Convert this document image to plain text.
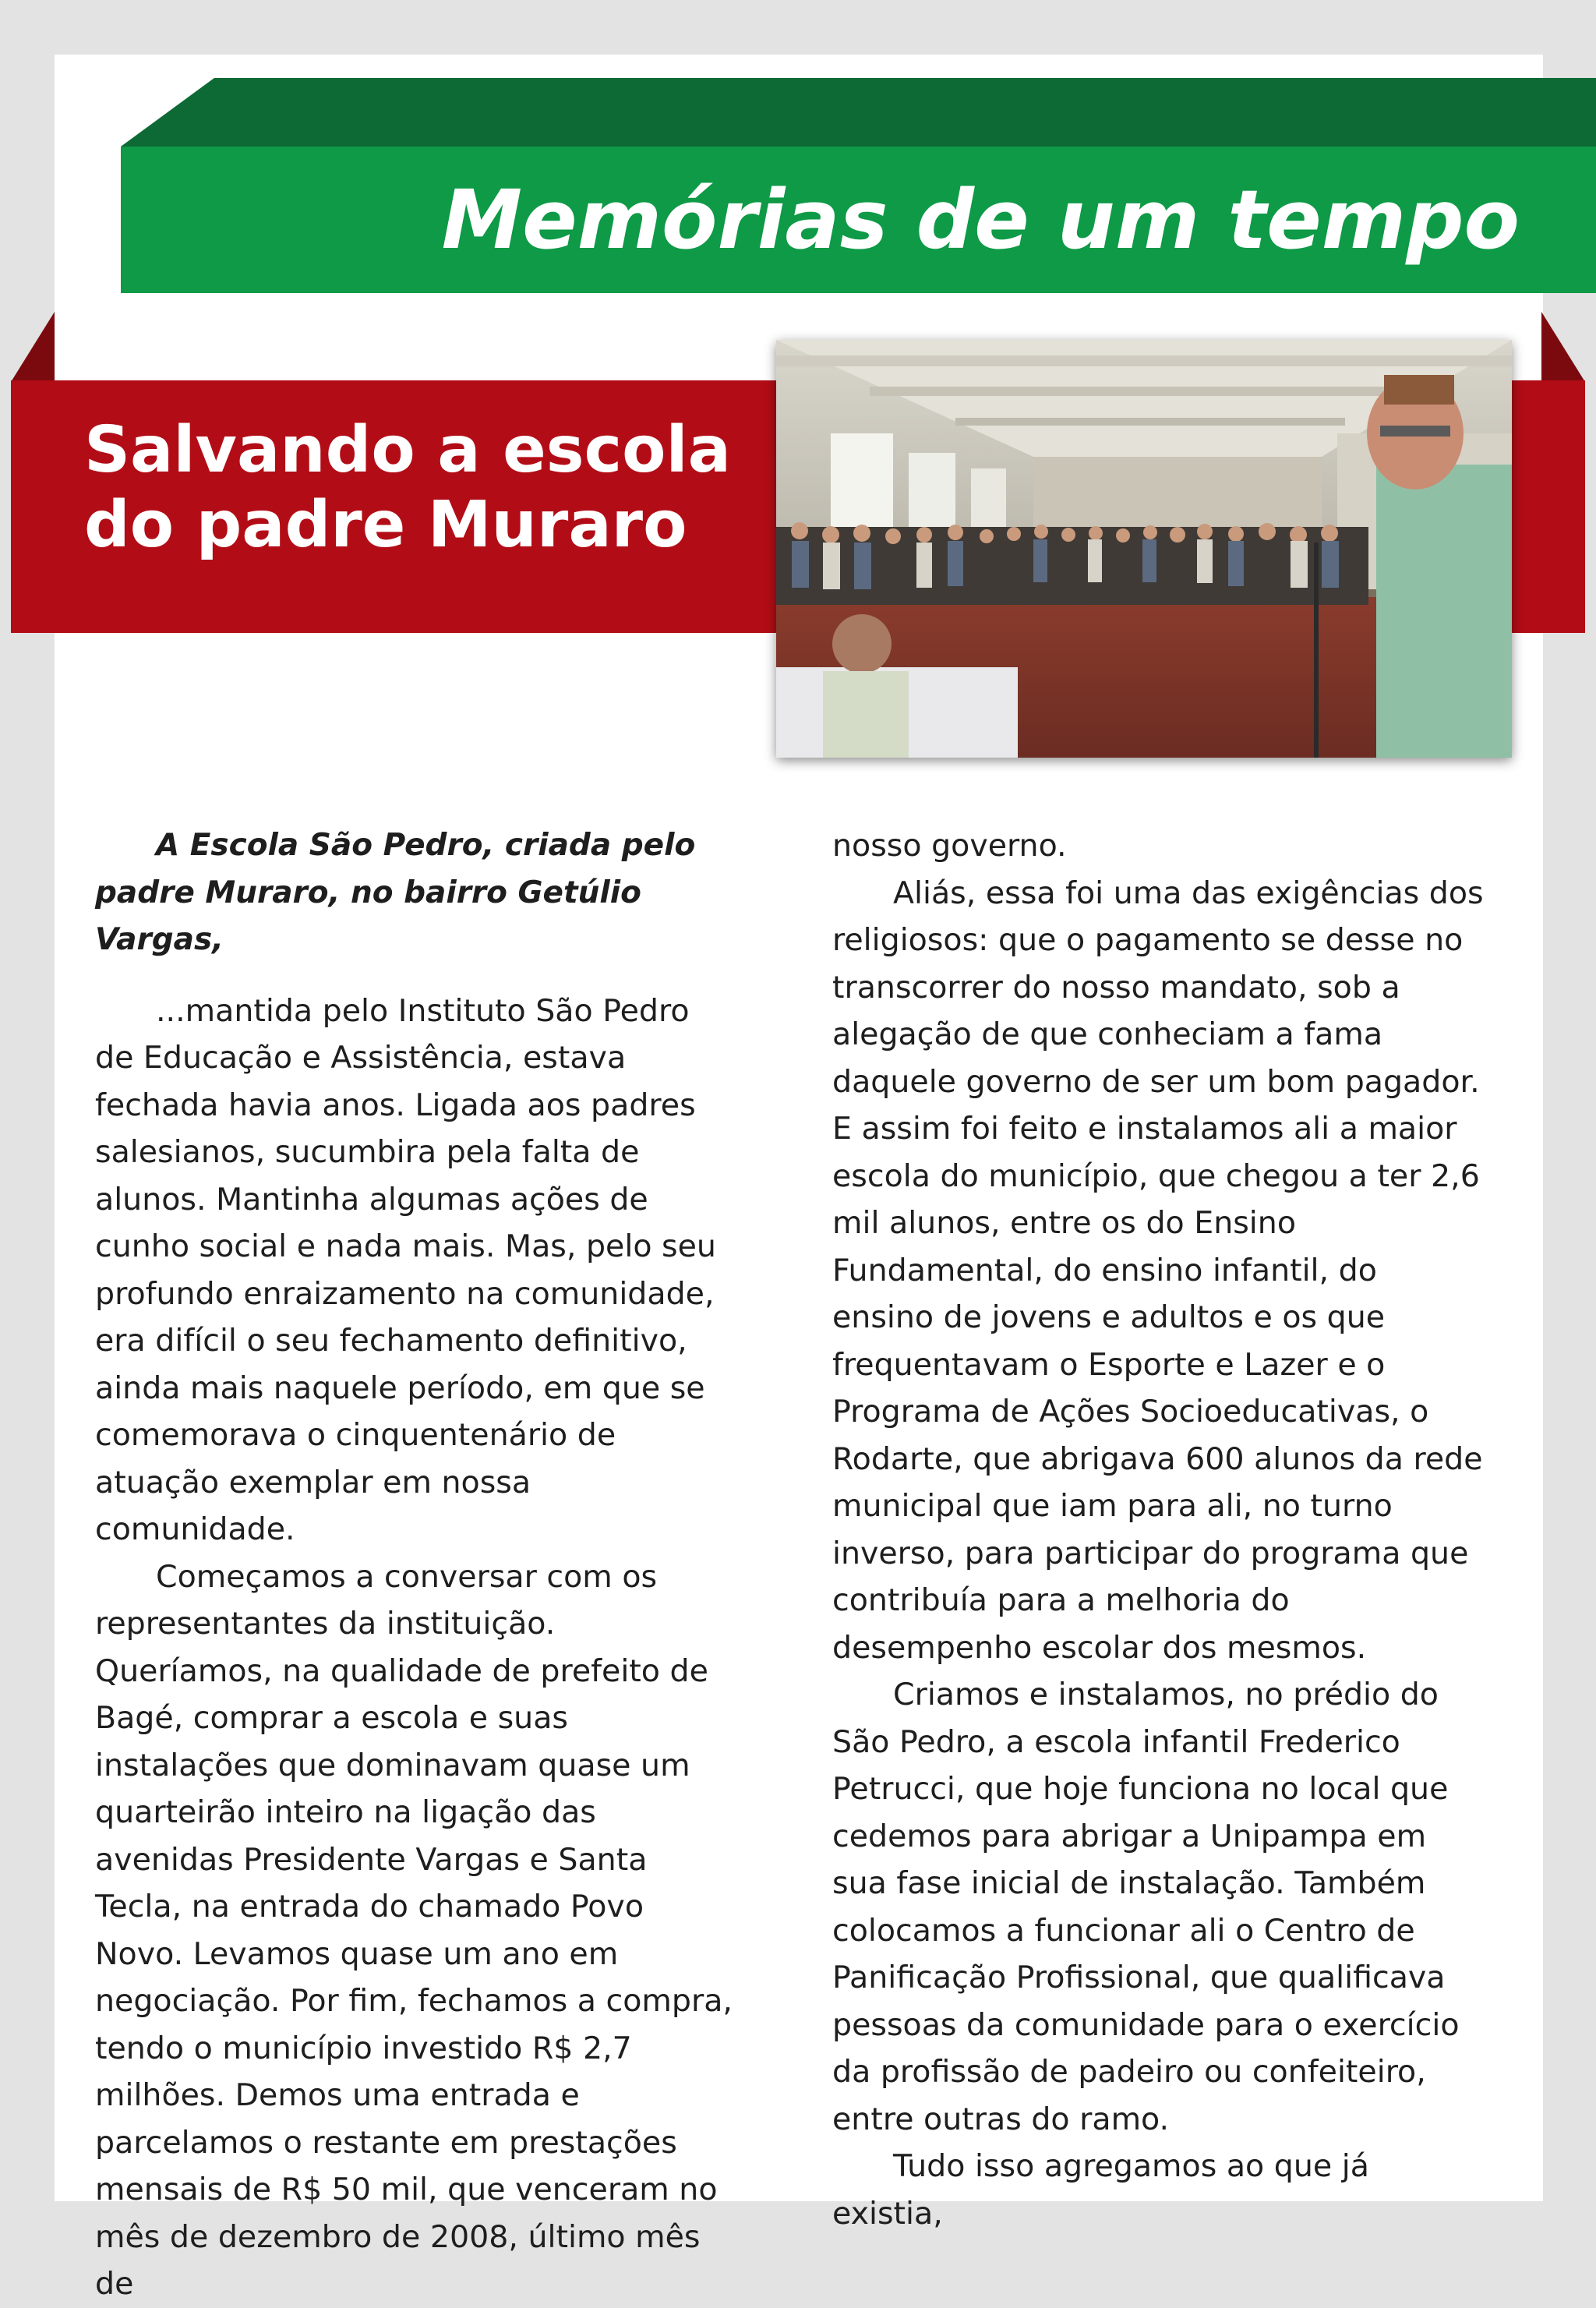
Memórias de um tempo
Salvando a escola do padre Muraro

A Escola São Pedro, criada pelo padre Muraro, no bairro Getúlio Vargas,

...mantida pelo Instituto São Pedro de Educação e Assistência, estava fechada havia anos. Ligada aos padres salesianos, sucumbira pela falta de alunos. Mantinha algumas ações de cunho social e nada mais. Mas, pelo seu profundo enraizamento na comunidade, era difícil o seu fechamento definitivo, ainda mais naquele período, em que se comemorava o cinquentenário de atuação exemplar em nossa comunidade.

Começamos a conversar com os representantes da instituição. Queríamos, na qualidade de prefeito de Bagé, comprar a escola e suas instalações que dominavam quase um quarteirão inteiro na ligação das avenidas Presidente Vargas e Santa Tecla, na entrada do chamado Povo Novo. Levamos quase um ano em negociação. Por fim, fechamos a compra, tendo o município investido R$ 2,7 milhões. Demos uma entrada e parcelamos o restante em prestações mensais de R$ 50 mil, que venceram no mês de dezembro de 2008, último mês de

nosso governo.

Aliás, essa foi uma das exigências dos religiosos: que o pagamento se desse no transcorrer do nosso mandato, sob a alegação de que conheciam a fama daquele governo de ser um bom pagador. E assim foi feito e instalamos ali a maior escola do município, que chegou a ter 2,6 mil alunos, entre os do Ensino Fundamental, do ensino infantil, do ensino de jovens e adultos e os que frequentavam o Esporte e Lazer e o Programa de Ações Socioeducativas, o Rodarte, que abrigava 600 alunos da rede municipal que iam para ali, no turno inverso, para participar do programa que contribuía para a melhoria do desempenho escolar dos mesmos.

Criamos e instalamos, no prédio do São Pedro, a escola infantil Frederico Petrucci, que hoje funciona no local que cedemos para abrigar a Unipampa em sua fase inicial de instalação. Também colocamos a funcionar ali o Centro de Panificação Profissional, que qualificava pessoas da comunidade para o exercício da profissão de padeiro ou confeiteiro, entre outras do ramo.

Tudo isso agregamos ao que já existia,
